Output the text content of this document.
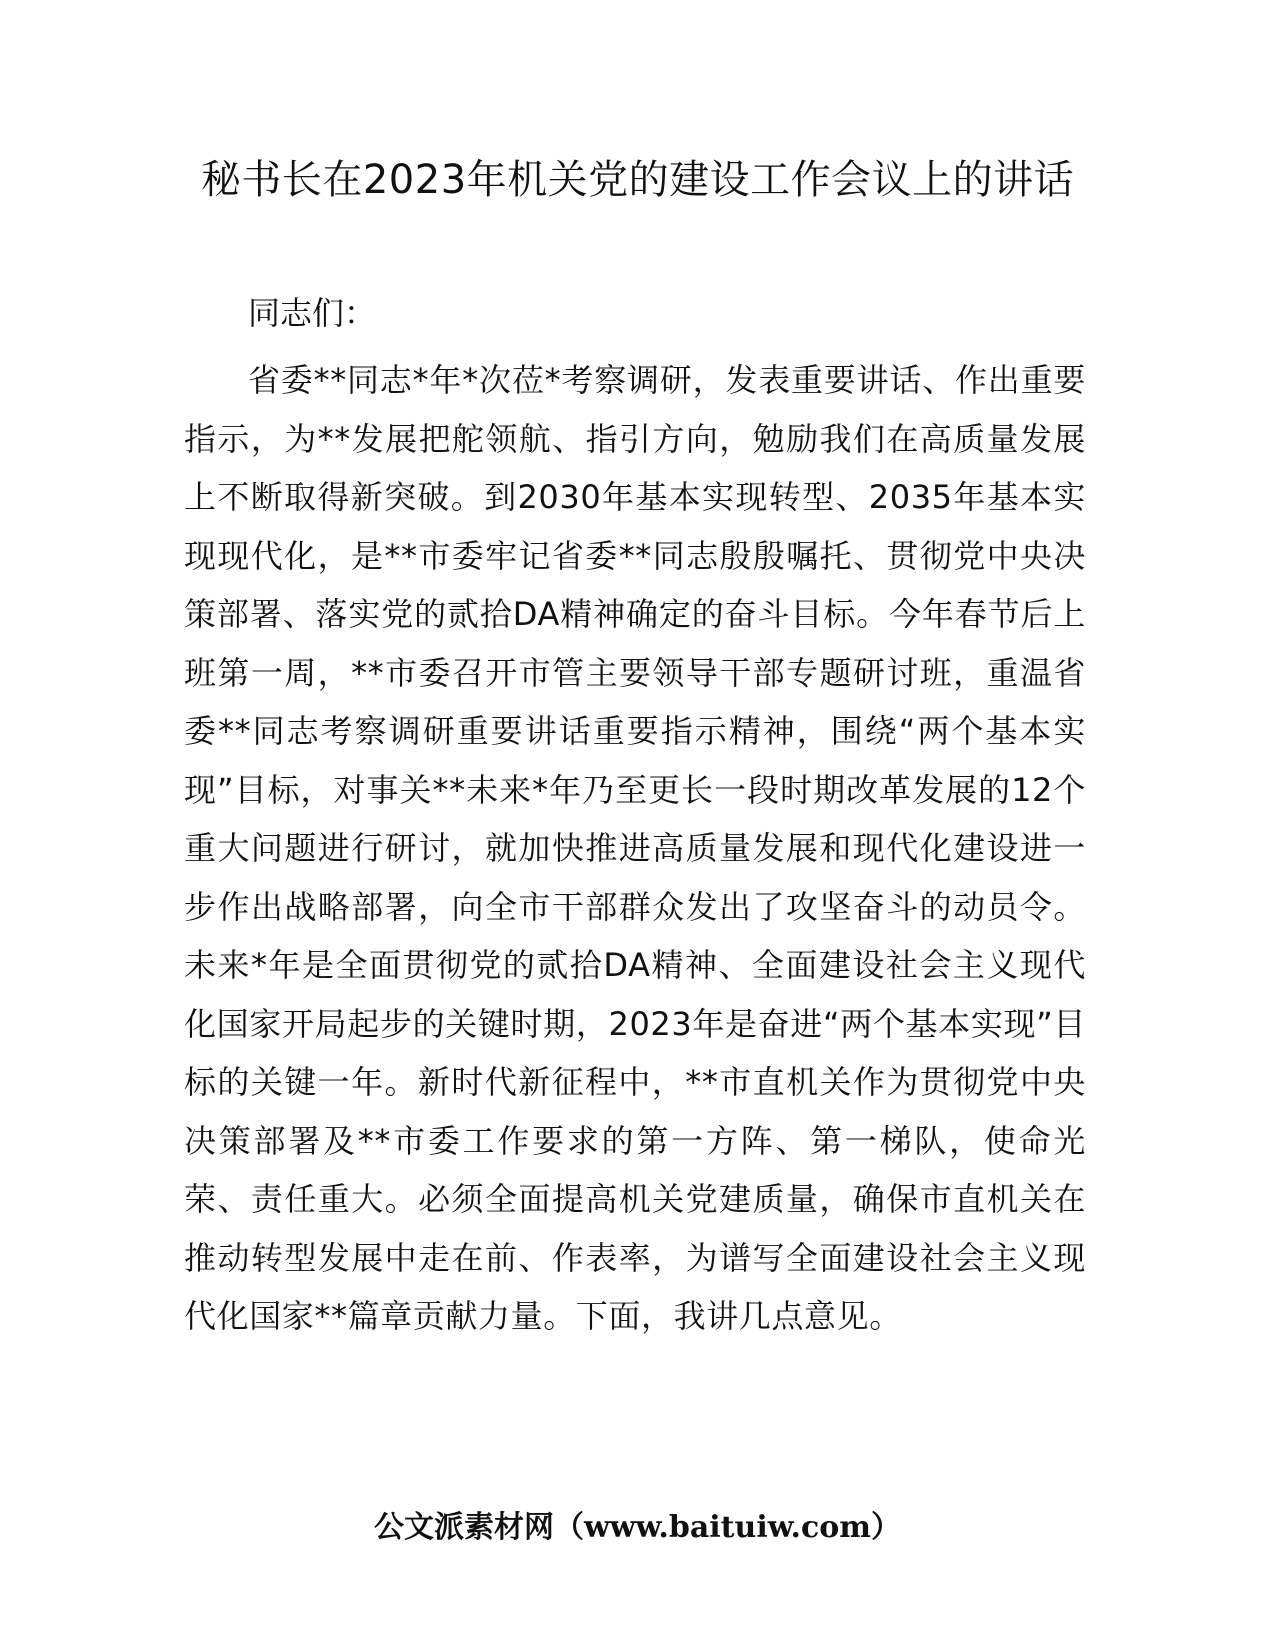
秘书长在2023年机关党的建设工作会议上的讲话

同志们：

省委**同志*年*次莅*考察调研，发表重要讲话、作出重要指示，为**发展把舵领航、指引方向，勉励我们在高质量发展上不断取得新突破。到2030年基本实现转型、2035年基本实现现代化，是**市委牢记省委**同志殷殷嘱托、贯彻党中央决策部署、落实党的贰拾DA精神确定的奋斗目标。今年春节后上班第一周，**市委召开市管主要领导干部专题研讨班，重温省委**同志考察调研重要讲话重要指示精神，围绕“两个基本实现”目标，对事关**未来*年乃至更长一段时期改革发展的12个重大问题进行研讨，就加快推进高质量发展和现代化建设进一步作出战略部署，向全市干部群众发出了攻坚奋斗的动员令。未来*年是全面贯彻党的贰拾DA精神、全面建设社会主义现代化国家开局起步的关键时期，2023年是奋进“两个基本实现”目标的关键一年。新时代新征程中，**市直机关作为贯彻党中央决策部署及**市委工作要求的第一方阵、第一梯队，使命光荣、责任重大。必须全面提高机关党建质量，确保市直机关在推动转型发展中走在前、作表率，为谱写全面建设社会主义现代化国家**篇章贡献力量。下面，我讲几点意见。

公文派素材网（www.baituiw.com）
